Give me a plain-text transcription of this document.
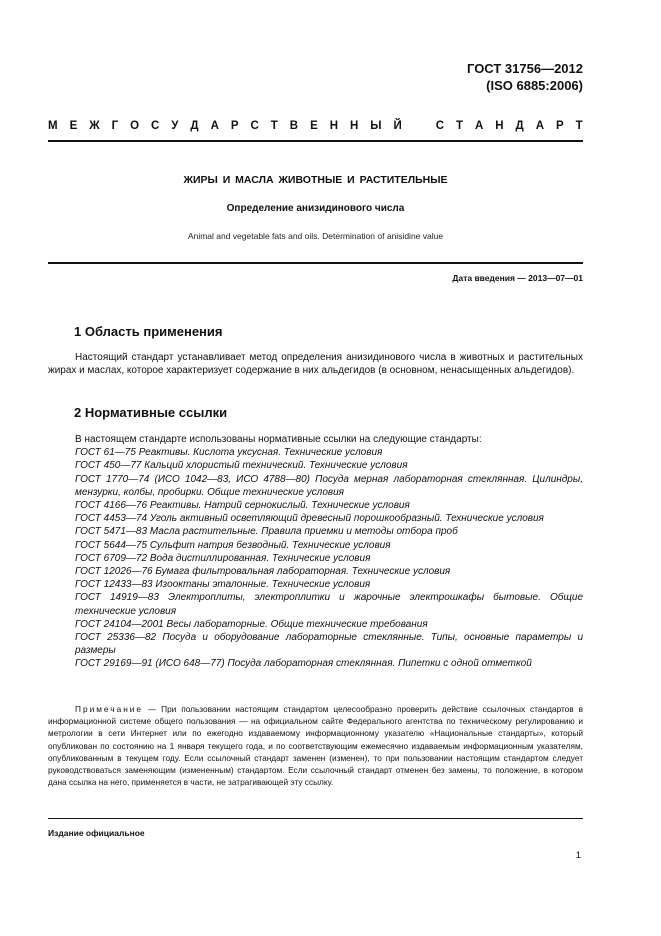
ГОСТ 31756—2012
(ISO 6885:2006)
М Е Ж Г О С У Д А Р С Т В Е Н Н Ы Й	С Т А Н Д А Р Т
ЖИРЫ И МАСЛА ЖИВОТНЫЕ И РАСТИТЕЛЬНЫЕ
Определение анизидинового числа
Animal and vegetable fats and oils. Determination of anisidine value
Дата введения — 2013—07—01
1 Область применения
Настоящий стандарт устанавливает метод определения анизидинового числа в животных и растительных жирах и маслах, которое характеризует содержание в них альдегидов (в основном, ненасыщенных альдегидов).
2 Нормативные ссылки
В настоящем стандарте использованы нормативные ссылки на следующие стандарты:
ГОСТ 61—75 Реактивы. Кислота уксусная. Технические условия
ГОСТ 450—77 Кальций хлористый технический. Технические условия
ГОСТ 1770—74 (ИСО 1042—83, ИСО 4788—80) Посуда мерная лабораторная стеклянная. Цилиндры, мензурки, колбы, пробирки. Общие технические условия
ГОСТ 4166—76 Реактивы. Натрий сернокислый. Технические условия
ГОСТ 4453—74 Уголь активный осветляющий древесный порошкообразный. Технические условия
ГОСТ 5471—83 Масла растительные. Правила приемки и методы отбора проб
ГОСТ 5644—75 Сульфит натрия безводный. Технические условия
ГОСТ 6709—72 Вода дистиллированная. Технические условия
ГОСТ 12026—76 Бумага фильтровальная лабораторная. Технические условия
ГОСТ 12433—83 Изооктаны эталонные. Технические условия
ГОСТ 14919—83 Электроплиты, электроплитки и жарочные электрошкафы бытовые. Общие технические условия
ГОСТ 24104—2001 Весы лабораторные. Общие технические требования
ГОСТ 25336—82 Посуда и оборудование лабораторные стеклянные. Типы, основные параметры и размеры
ГОСТ 29169—91 (ИСО 648—77) Посуда лабораторная стеклянная. Пипетки с одной отметкой
Примечание — При пользовании настоящим стандартом целесообразно проверить действие ссылочных стандартов в информационной системе общего пользования — на официальном сайте Федерального агентства по техническому регулированию и метрологии в сети Интернет или по ежегодно издаваемому информационному указателю «Национальные стандарты», который опубликован по состоянию на 1 января текущего года, и по соответствующим ежемесячно издаваемым информационным указателям, опубликованным в текущем году. Если ссылочный стандарт заменен (изменен), то при пользовании настоящим стандартом следует руководствоваться заменяющим (измененным) стандартом. Если ссылочный стандарт отменен без замены, то положение, в котором дана ссылка на него, применяется в части, не затрагивающей эту ссылку.
Издание официальное
1
